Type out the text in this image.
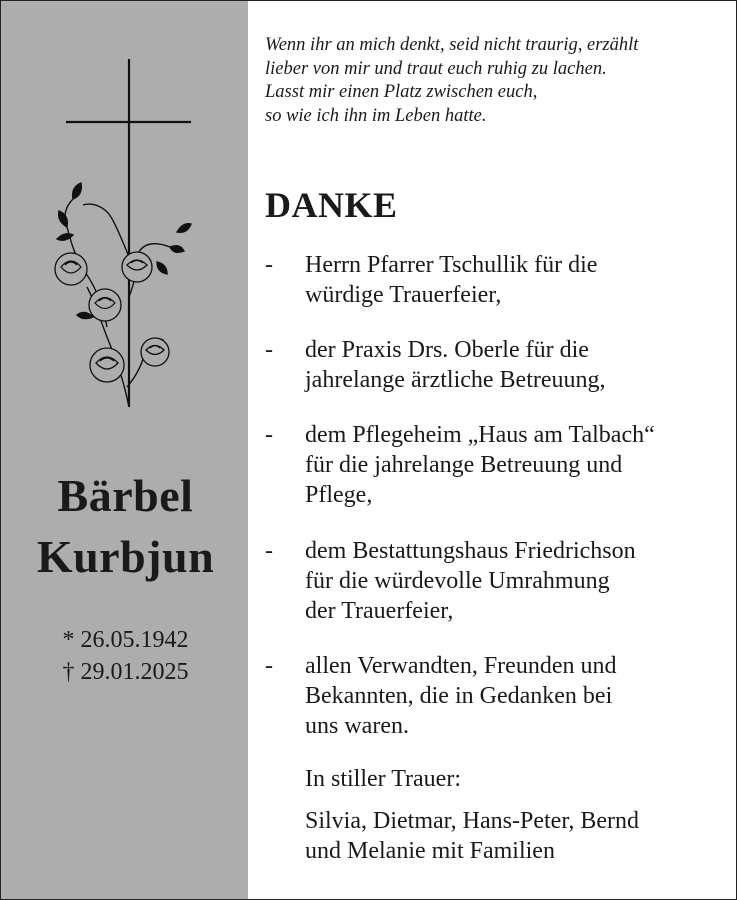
Bärbel
Kurbjun
* 26.05.1942
† 29.01.2025
Wenn ihr an mich denkt, seid nicht traurig, erzählt
lieber von mir und traut euch ruhig zu lachen.
Lasst mir einen Platz zwischen euch,
so wie ich ihn im Leben hatte.
DANKE
- Herrn Pfarrer Tschullik für die
würdige Trauerfeier,
- der Praxis Drs. Oberle für die
jahrelange ärztliche Betreuung,
- dem Pflegeheim „Haus am Talbach“
für die jahrelange Betreuung und
Pflege,
- dem Bestattungshaus Friedrichson
für die würdevolle Umrahmung
der Trauerfeier,
- allen Verwandten, Freunden und
Bekannten, die in Gedanken bei
uns waren.
In stiller Trauer:
Silvia, Dietmar, Hans-Peter, Bernd
und Melanie mit Familien
